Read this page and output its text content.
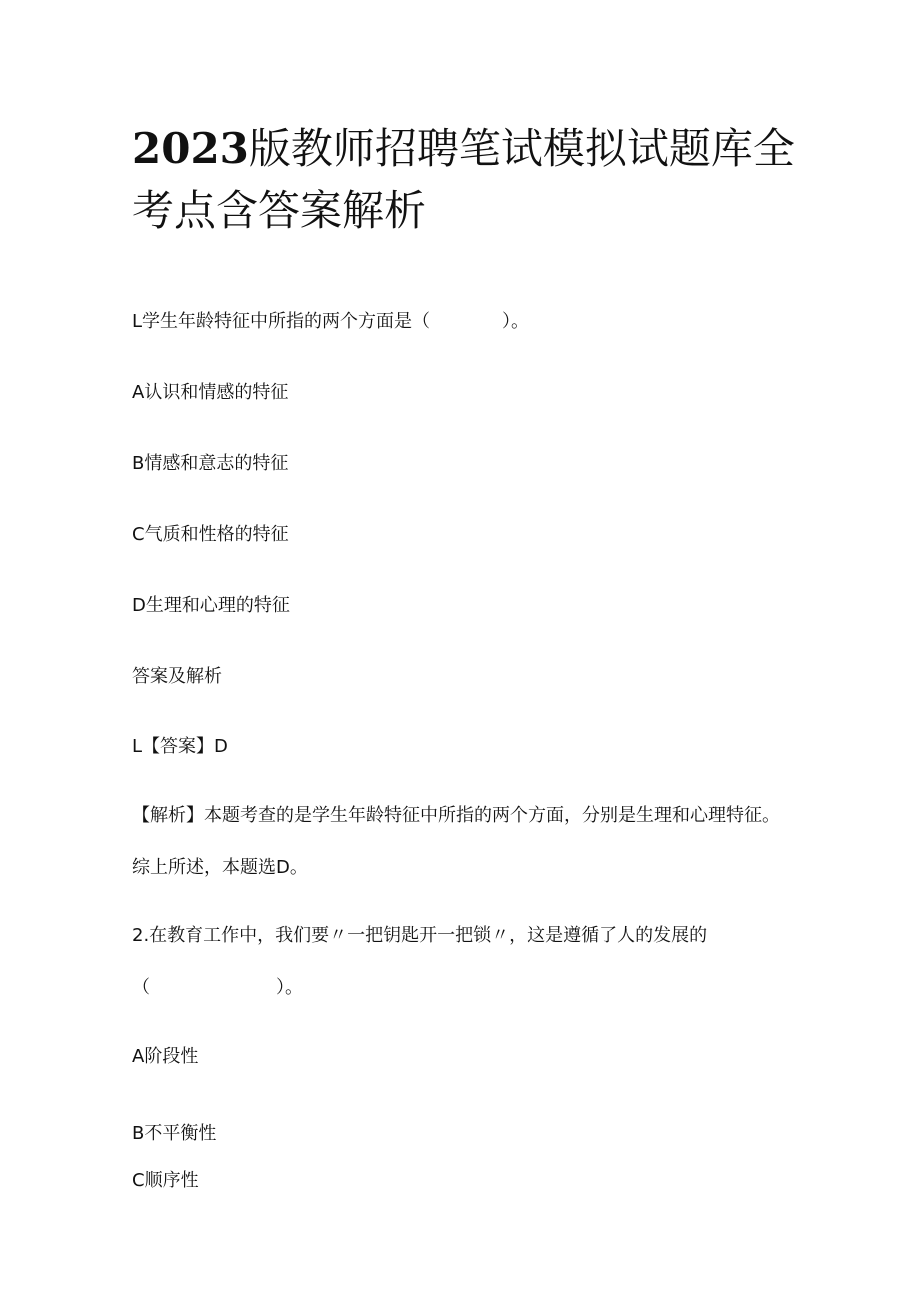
2023版教师招聘笔试模拟试题库全考点含答案解析

L学生年龄特征中所指的两个方面是（　　　　）。

A认识和情感的特征

B情感和意志的特征

C气质和性格的特征

D生理和心理的特征

答案及解析

L【答案】D

【解析】本题考查的是学生年龄特征中所指的两个方面，分别是生理和心理特征。综上所述，本题选D。

2.在教育工作中，我们要〃一把钥匙开一把锁〃，这是遵循了人的发展的（　　　　　　　）。

A阶段性

B不平衡性

C顺序性
